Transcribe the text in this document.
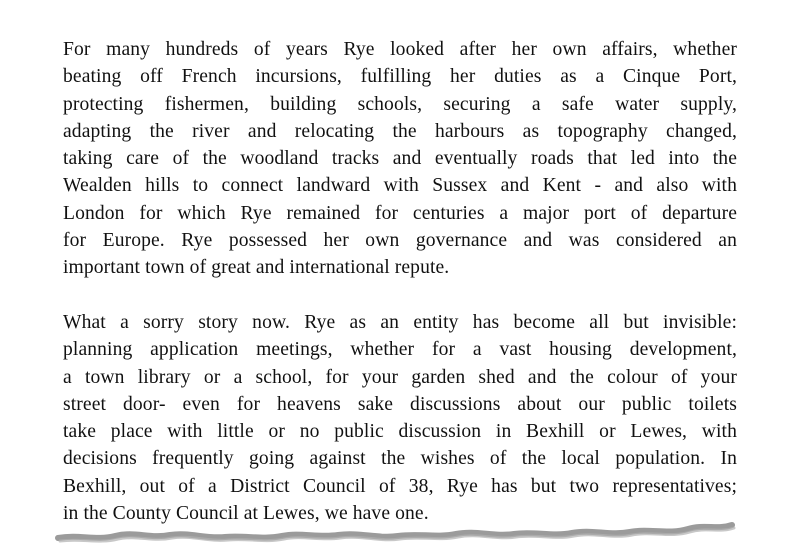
For many hundreds of years Rye looked after her own affairs, whether
beating off French incursions, fulfilling her duties as a Cinque Port,
protecting fishermen, building schools, securing a safe water supply,
adapting the river and relocating the harbours as topography changed,
taking care of the woodland tracks and eventually roads that led into the
Wealden hills to connect landward with Sussex and Kent - and also with
London for which Rye remained for centuries a major port of departure
for Europe. Rye possessed her own governance and was considered an
important town of great and international repute.
What a sorry story now. Rye as an entity has become all but invisible:
planning application meetings, whether for a vast housing development,
a town library or a school, for your garden shed and the colour of your
street door- even for heavens sake discussions about our public toilets
take place with little or no public discussion in Bexhill or Lewes, with
decisions frequently going against the wishes of the local population. In
Bexhill, out of a District Council of 38, Rye has but two representatives;
in the County Council at Lewes, we have one.
